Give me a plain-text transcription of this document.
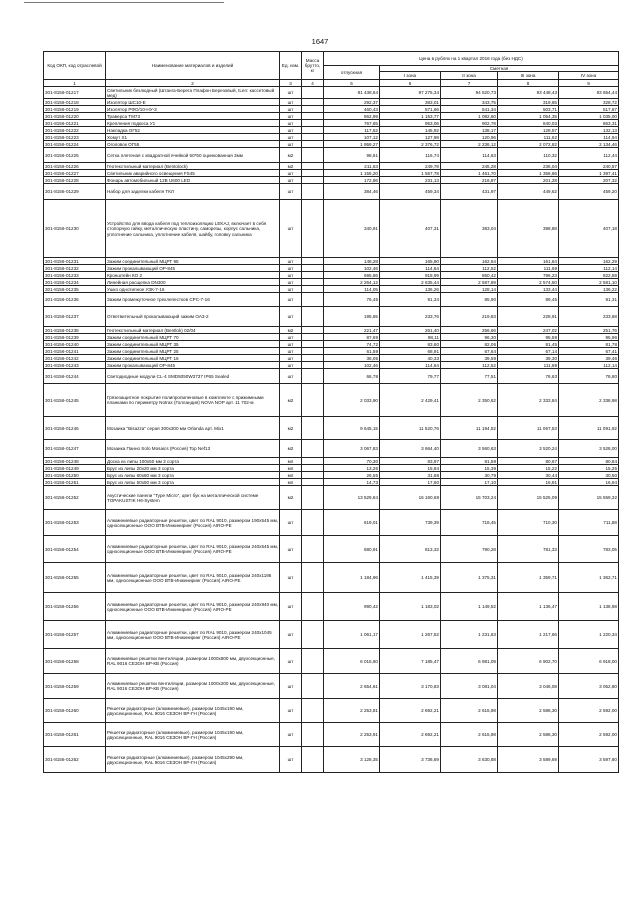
1647
Код ОКП, код отраслевой	Наименование материалов и изделий	Ед. изм.	Масса брутто, кг	Цена в рублях на 1 квартал 2016 года (без НДС)				
				отпускная	Сметная			
					I зона	II зона	III зона	IV зона

1	2	3	4	5	6	7	8	9
301-8156-01217	Светильник безлюдный (Штанга-Берега Плафон Березовый, ILen: кассетовый мед)	шт		81 438,64	97 275,34	94 520,73	93 448,43	93 654,44
301-8156-01218	Изолятор ШС10-Е	шт		292,37	383,01	343,75	319,65	328,72
301-8156-01219	Изолятор РФО/10-НУ-3	шт		460,43	571,66	541,34	503,71	517,67
301-8156-01220	Траверса ТМ73	шт		862,99	1 153,77	1 082,60	1 054,35	1 035,00
301-8156-01221	Крепления подкоса У1	шт		767,65	953,06	902,78	840,03	863,31
301-8156-01222	Накладка ОГ52	шт		117,52	145,92	138,17	128,57	132,13
301-8156-01223	Хомут Х1	шт		107,12	127,98	120,96	111,62	114,94
301-8156-01224	Оголовок ОГ55	шт		1 959,27	2 376,72	2 236,12	2 072,82	2 134,46
301-8156-01225	Сетка плетеная с квадратной ячейкой 50*50 оцинкованная 3мм	м2		98,61	116,74	114,63	110,32	112,44
301-8156-01226	Геотекстильный материал (Bentolock)	м2		211,63	249,78	245,28	236,04	240,57
301-8156-01227	Светильник аварийного освещения FS45	шт		1 155,20	1 557,78	1 461,70	1 356,66	1 397,41
301-8156-01228	Фонарь автомобильный 12В U600 LED	шт		172,86	231,13	216,87	201,28	207,32
301-8156-01229	Набор для заделки кабеля ТКЛ	шт		384,46	459,34	431,97	449,62	459,20
301-8156-01230	Устройство для ввода кабеля под теплоизоляцию LEKAJ, включает в себя стопорную гайку, металлическую пластину, саморезы, корпус сальника, уплотнение сальника, уплотнение кабеля, шайбу, головку сальника	шт		340,91	407,31	383,04	398,88	407,18
301-8156-01231	Зажим соединительный МЦРТ 95	шт		148,28	165,90	162,64	161,64	162,29
301-8156-01232	Зажим прокалывающий ОР-845	шт		102,46	114,64	112,52	111,69	112,14
301-8156-01233	Кронштейн КО 2	шт		695,86	918,99	860,42	796,23	822,59
301-8156-01234	Линейная расщепка DN300	шт		2 264,12	2 635,44	2 587,89	2 574,50	2 581,10
301-8156-01235	Ушко однотипное УЗК-7-16	шт		114,05	136,26	128,14	133,44	136,22
301-8156-01236	Зажим промежуточное трехлепестков CPC-7-16	шт		76,45	91,34	85,90	89,45	91,31
301-8156-01237	Ответвительный прокалывающий зажим ОА3-2	шт		195,65	233,76	219,83	228,91	233,68
301-8156-01238	Геотекстильный материал (Bentlok) 02/04	м2		221,47	261,40	256,66	247,02	251,76
301-8156-01239	Зажим соединительный МЦРТ 70	шт		87,69	98,11	96,30	95,59	95,96
301-8156-01240	Зажим соединительный МЦРТ 35	шт		74,72	83,60	82,06	81,45	81,78
301-8156-01241	Зажим соединительный МЦРТ 25	шт		61,59	68,91	67,64	67,14	67,41
301-8156-01242	Зажим соединительный МЦРТ 16	шт		36,05	40,33	39,59	39,30	39,46
301-8156-01243	Зажим прокалывающий ОР-845	шт		102,46	114,64	112,52	111,69	112,14
301-8156-01244	Светодиодные модули CL-4 SMD5050W3737 IP65 Sealed	шт		66,78	79,77	77,51	76,63	78,80
301-8156-01245	Грязезащитное покрытие полипропиленовые в комплекте с прижимными планками по периметру Notrax (Голландия) NOVA NOP арт. 11 702-м	м2		2 033,90	2 429,41	2 350,62	2 333,84	2 338,98
301-8156-01246	Мозаика "Bisazza" серая 300х300 мм Orlanda арт. Mix1	м2		9 645,15	11 520,76	11 194,52	11 067,53	11 091,92
301-8156-01247	Мозаика Панно Solo Mosaics (Россия) Top Nef13	м2		3 067,83	3 664,40	3 560,63	3 520,24	3 528,00
301-8156-01248	Доска из липы 100х50 мм 3 сорта	мп		70,30	83,97	81,59	80,67	80,84
301-8156-01249	Брус из липы 20х20 мм 3 сорта	мп		13,26	15,84	15,39	15,22	15,25
301-8156-01250	Брус из липы 60х60 мм 3 сорта	мп		26,55	31,68	30,79	30,44	30,50
301-8156-01251	Брус из липы 50х50 мм 3 сорта	мп		14,73	17,60	17,10	16,91	16,94
301-8156-01252	Акустические панели "Type Micro", цвет бук на металлической системе TOPAKUSTIK H6-System	м2		13 529,84	16 160,68	15 703,24	15 525,09	15 559,32
301-8156-01253	Алюминиевые радиаторные решетки, цвет по RAL 9010, размером 190х545 мм, односекционные ООО ВТВ-Инжиниринг (Россия) AIRO-PE	шт		619,01	739,39	718,45	710,30	711,88
301-8156-01254	Алюминиевые радиаторные решетки, цвет по RAL 9010, размером 240х545 мм, односекционные ООО ВТВ-Инжиниринг (Россия) AIRO-PE	шт		680,91	813,32	790,28	781,33	783,05
301-8156-01255	Алюминиевые радиаторные решетки, цвет по RAL 9010, размером 240х1195 мм, односекционные ООО ВТВ-Инжиниринг (Россия) AIRO-PE	шт		1 184,96	1 415,39	1 375,31	1 359,71	1 362,71
301-8156-01256	Алюминиевые радиаторные решетки, цвет по RAL 9010, размером 240х940 мм, односекционные ООО ВТВ-Инжиниринг (Россия) AIRO-PE	шт		990,42	1 183,02	1 149,52	1 136,47	1 138,98
301-8156-01257	Алюминиевые радиаторные решетки, цвет по RAL 9010, размером 240х1045 мм, односекционные ООО ВТВ-Инжиниринг (Россия) AIRO-PE	шт		1 061,17	1 267,52	1 231,63	1 217,66	1 220,34
301-8156-01258	Алюминиевые решетки вентиляции, размером 1000х800 мм, двухсекционные, RAL 9016 СЕЗОН ВР-КВ (Россия)	шт		6 015,60	7 185,47	6 981,09	6 902,70	6 918,00
301-8156-01259	Алюминиевые решетки вентиляции, размером 1000х200 мм, двухсекционные, RAL 9016 СЕЗОН ВР-КВ (Россия)	шт		2 654,61	3 170,83	3 081,04	3 046,08	3 052,80
301-8156-01260	Решетки радиаторные (алюминиевые), размером 1045х190 мм, двухсекционные, RAL 9016 СЕЗОН ВР-ГН (Россия)	шт		2 253,81	2 692,21	2 615,98	2 586,30	2 592,00
301-8156-01261	Решетки радиаторные (алюминиевые), размером 1045х190 мм, двухсекционные, RAL 9016 СЕЗОН ВР-ГН (Россия)	шт		2 253,91	2 692,21	2 615,98	2 586,30	2 592,00
301-8156-01262	Решетки радиаторные (алюминиевые), размером 1045х290 мм, двухсекционные, RAL 9016 СЕЗОН ВР-ГН (Россия)	шт		3 128,35	3 736,69	3 630,88	3 589,69	3 597,60
